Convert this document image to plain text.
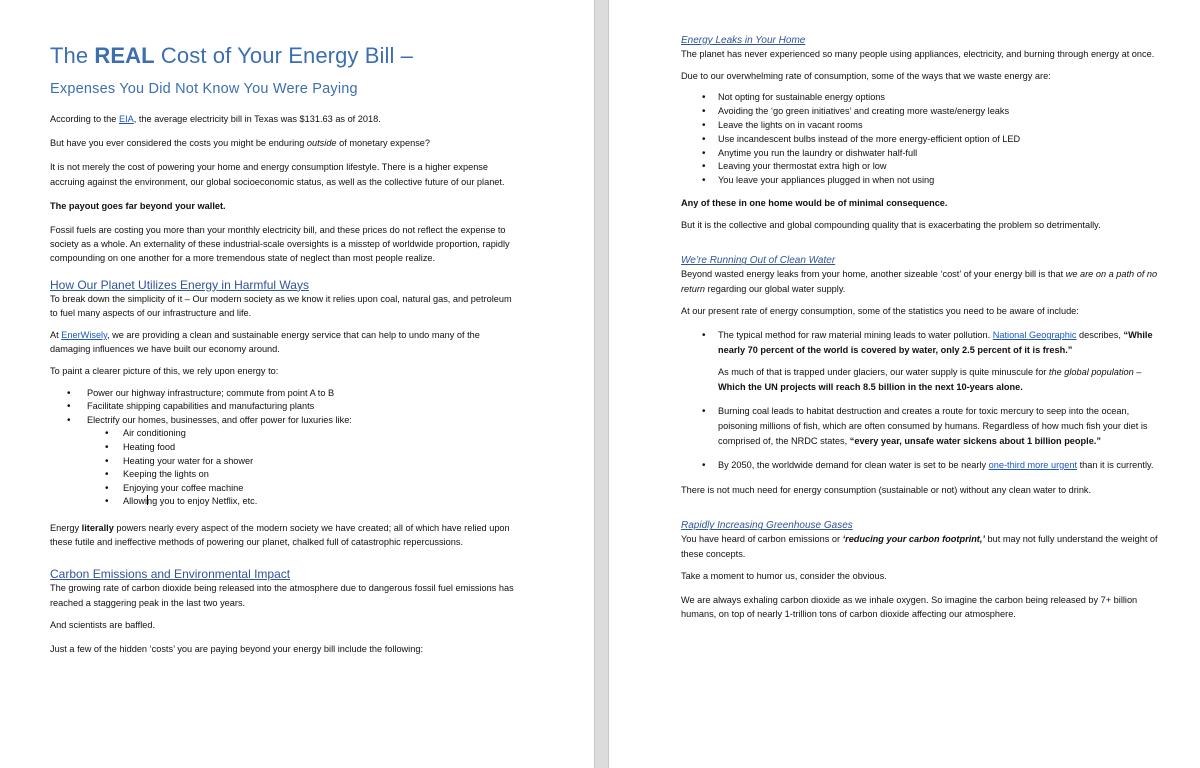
The REAL Cost of Your Energy Bill –
Expenses You Did Not Know You Were Paying

According to the EIA, the average electricity bill in Texas was $131.63 as of 2018.

But have you ever considered the costs you might be enduring outside of monetary expense?

It is not merely the cost of powering your home and energy consumption lifestyle. There is a higher expense accruing against the environment, our global socioeconomic status, as well as the collective future of our planet.

The payout goes far beyond your wallet.

Fossil fuels are costing you more than your monthly electricity bill, and these prices do not reflect the expense to society as a whole. An externality of these industrial-scale oversights is a misstep of worldwide proportion, rapidly compounding on one another for a more tremendous state of neglect than most people realize.

How Our Planet Utilizes Energy in Harmful Ways

To break down the simplicity of it – Our modern society as we know it relies upon coal, natural gas, and petroleum to fuel many aspects of our infrastructure and life.

At EnerWisely, we are providing a clean and sustainable energy service that can help to undo many of the damaging influences we have built our economy around.

To paint a clearer picture of this, we rely upon energy to:

• Power our highway infrastructure; commute from point A to B
• Facilitate shipping capabilities and manufacturing plants
• Electrify our homes, businesses, and offer power for luxuries like:
• Air conditioning
• Heating food
• Heating your water for a shower
• Keeping the lights on
• Enjoying your coffee machine
• Allowing you to enjoy Netflix, etc.

Energy literally powers nearly every aspect of the modern society we have created; all of which have relied upon these futile and ineffective methods of powering our planet, chalked full of catastrophic repercussions.

Carbon Emissions and Environmental Impact

The growing rate of carbon dioxide being released into the atmosphere due to dangerous fossil fuel emissions has reached a staggering peak in the last two years.

And scientists are baffled.

Just a few of the hidden ‘costs’ you are paying beyond your energy bill include the following:

Energy Leaks in Your Home

The planet has never experienced so many people using appliances, electricity, and burning through energy at once.

Due to our overwhelming rate of consumption, some of the ways that we waste energy are:

• Not opting for sustainable energy options
• Avoiding the ‘go green initiatives’ and creating more waste/energy leaks
• Leave the lights on in vacant rooms
• Use incandescent bulbs instead of the more energy-efficient option of LED
• Anytime you run the laundry or dishwater half-full
• Leaving your thermostat extra high or low
• You leave your appliances plugged in when not using

Any of these in one home would be of minimal consequence.

But it is the collective and global compounding quality that is exacerbating the problem so detrimentally.

We’re Running Out of Clean Water

Beyond wasted energy leaks from your home, another sizeable ‘cost’ of your energy bill is that we are on a path of no return regarding our global water supply.

At our present rate of energy consumption, some of the statistics you need to be aware of include:

• The typical method for raw material mining leads to water pollution. National Geographic describes, “While nearly 70 percent of the world is covered by water, only 2.5 percent of it is fresh.”

As much of that is trapped under glaciers, our water supply is quite minuscule for the global population – Which the UN projects will reach 8.5 billion in the next 10-years alone.

• Burning coal leads to habitat destruction and creates a route for toxic mercury to seep into the ocean, poisoning millions of fish, which are often consumed by humans. Regardless of how much fish your diet is comprised of, the NRDC states, “every year, unsafe water sickens about 1 billion people.”

• By 2050, the worldwide demand for clean water is set to be nearly one-third more urgent than it is currently.

There is not much need for energy consumption (sustainable or not) without any clean water to drink.

Rapidly Increasing Greenhouse Gases

You have heard of carbon emissions or ‘reducing your carbon footprint,’ but may not fully understand the weight of these concepts.

Take a moment to humor us, consider the obvious.

We are always exhaling carbon dioxide as we inhale oxygen. So imagine the carbon being released by 7+ billion humans, on top of nearly 1-trillion tons of carbon dioxide affecting our atmosphere.
